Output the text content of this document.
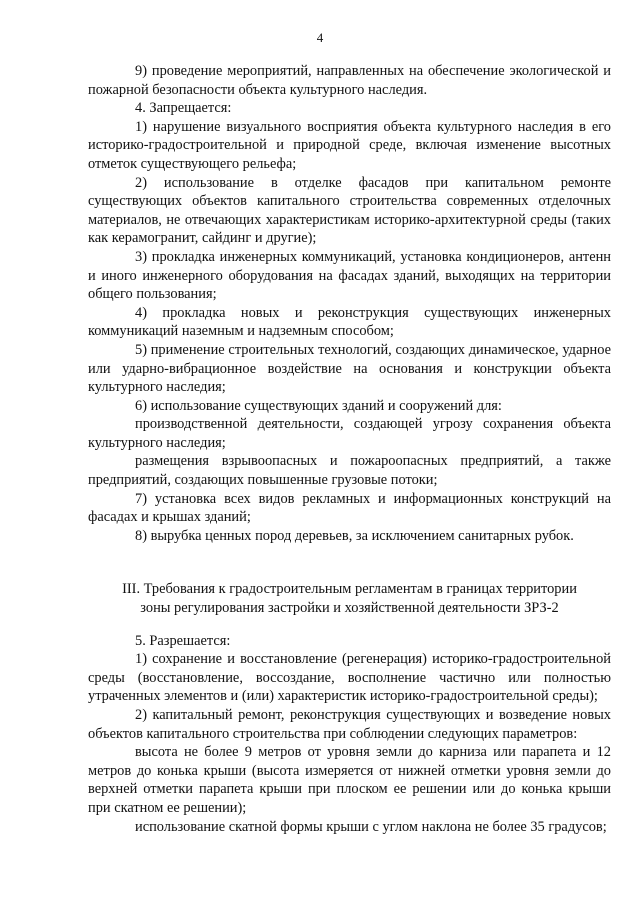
4

9) проведение мероприятий, направленных на обеспечение экологической и пожарной безопасности объекта культурного наследия.

4. Запрещается:

1) нарушение визуального восприятия объекта культурного наследия в его историко-градостроительной и природной среде, включая изменение высотных отметок существующего рельефа;

2) использование в отделке фасадов при капитальном ремонте существующих объектов капитального строительства современных отделочных материалов, не отвечающих характеристикам историко-архитектурной среды (таких как керамогранит, сайдинг и другие);

3) прокладка инженерных коммуникаций, установка кондиционеров, антенн и иного инженерного оборудования на фасадах зданий, выходящих на территории общего пользования;

4) прокладка новых и реконструкция существующих инженерных коммуникаций наземным и надземным способом;

5) применение строительных технологий, создающих динамическое, ударное или ударно-вибрационное воздействие на основания и конструкции объекта культурного наследия;

6) использование существующих зданий и сооружений для:

производственной деятельности, создающей угрозу сохранения объекта культурного наследия;

размещения взрывоопасных и пожароопасных предприятий, а также предприятий, создающих повышенные грузовые потоки;

7) установка всех видов рекламных и информационных конструкций на фасадах и крышах зданий;

8) вырубка ценных пород деревьев, за исключением санитарных рубок.

III. Требования к градостроительным регламентам в границах территории
зоны регулирования застройки и хозяйственной деятельности ЗРЗ-2

5. Разрешается:

1) сохранение и восстановление (регенерация) историко-градостроительной среды (восстановление, воссоздание, восполнение частично или полностью утраченных элементов и (или) характеристик историко-градостроительной среды);

2) капитальный ремонт, реконструкция существующих и возведение новых объектов капитального строительства при соблюдении следующих параметров:

высота не более 9 метров от уровня земли до карниза или парапета и 12 метров до конька крыши (высота измеряется от нижней отметки уровня земли до верхней отметки парапета крыши при плоском ее решении или до конька крыши при скатном ее решении);

использование скатной формы крыши с углом наклона не более 35 градусов;
